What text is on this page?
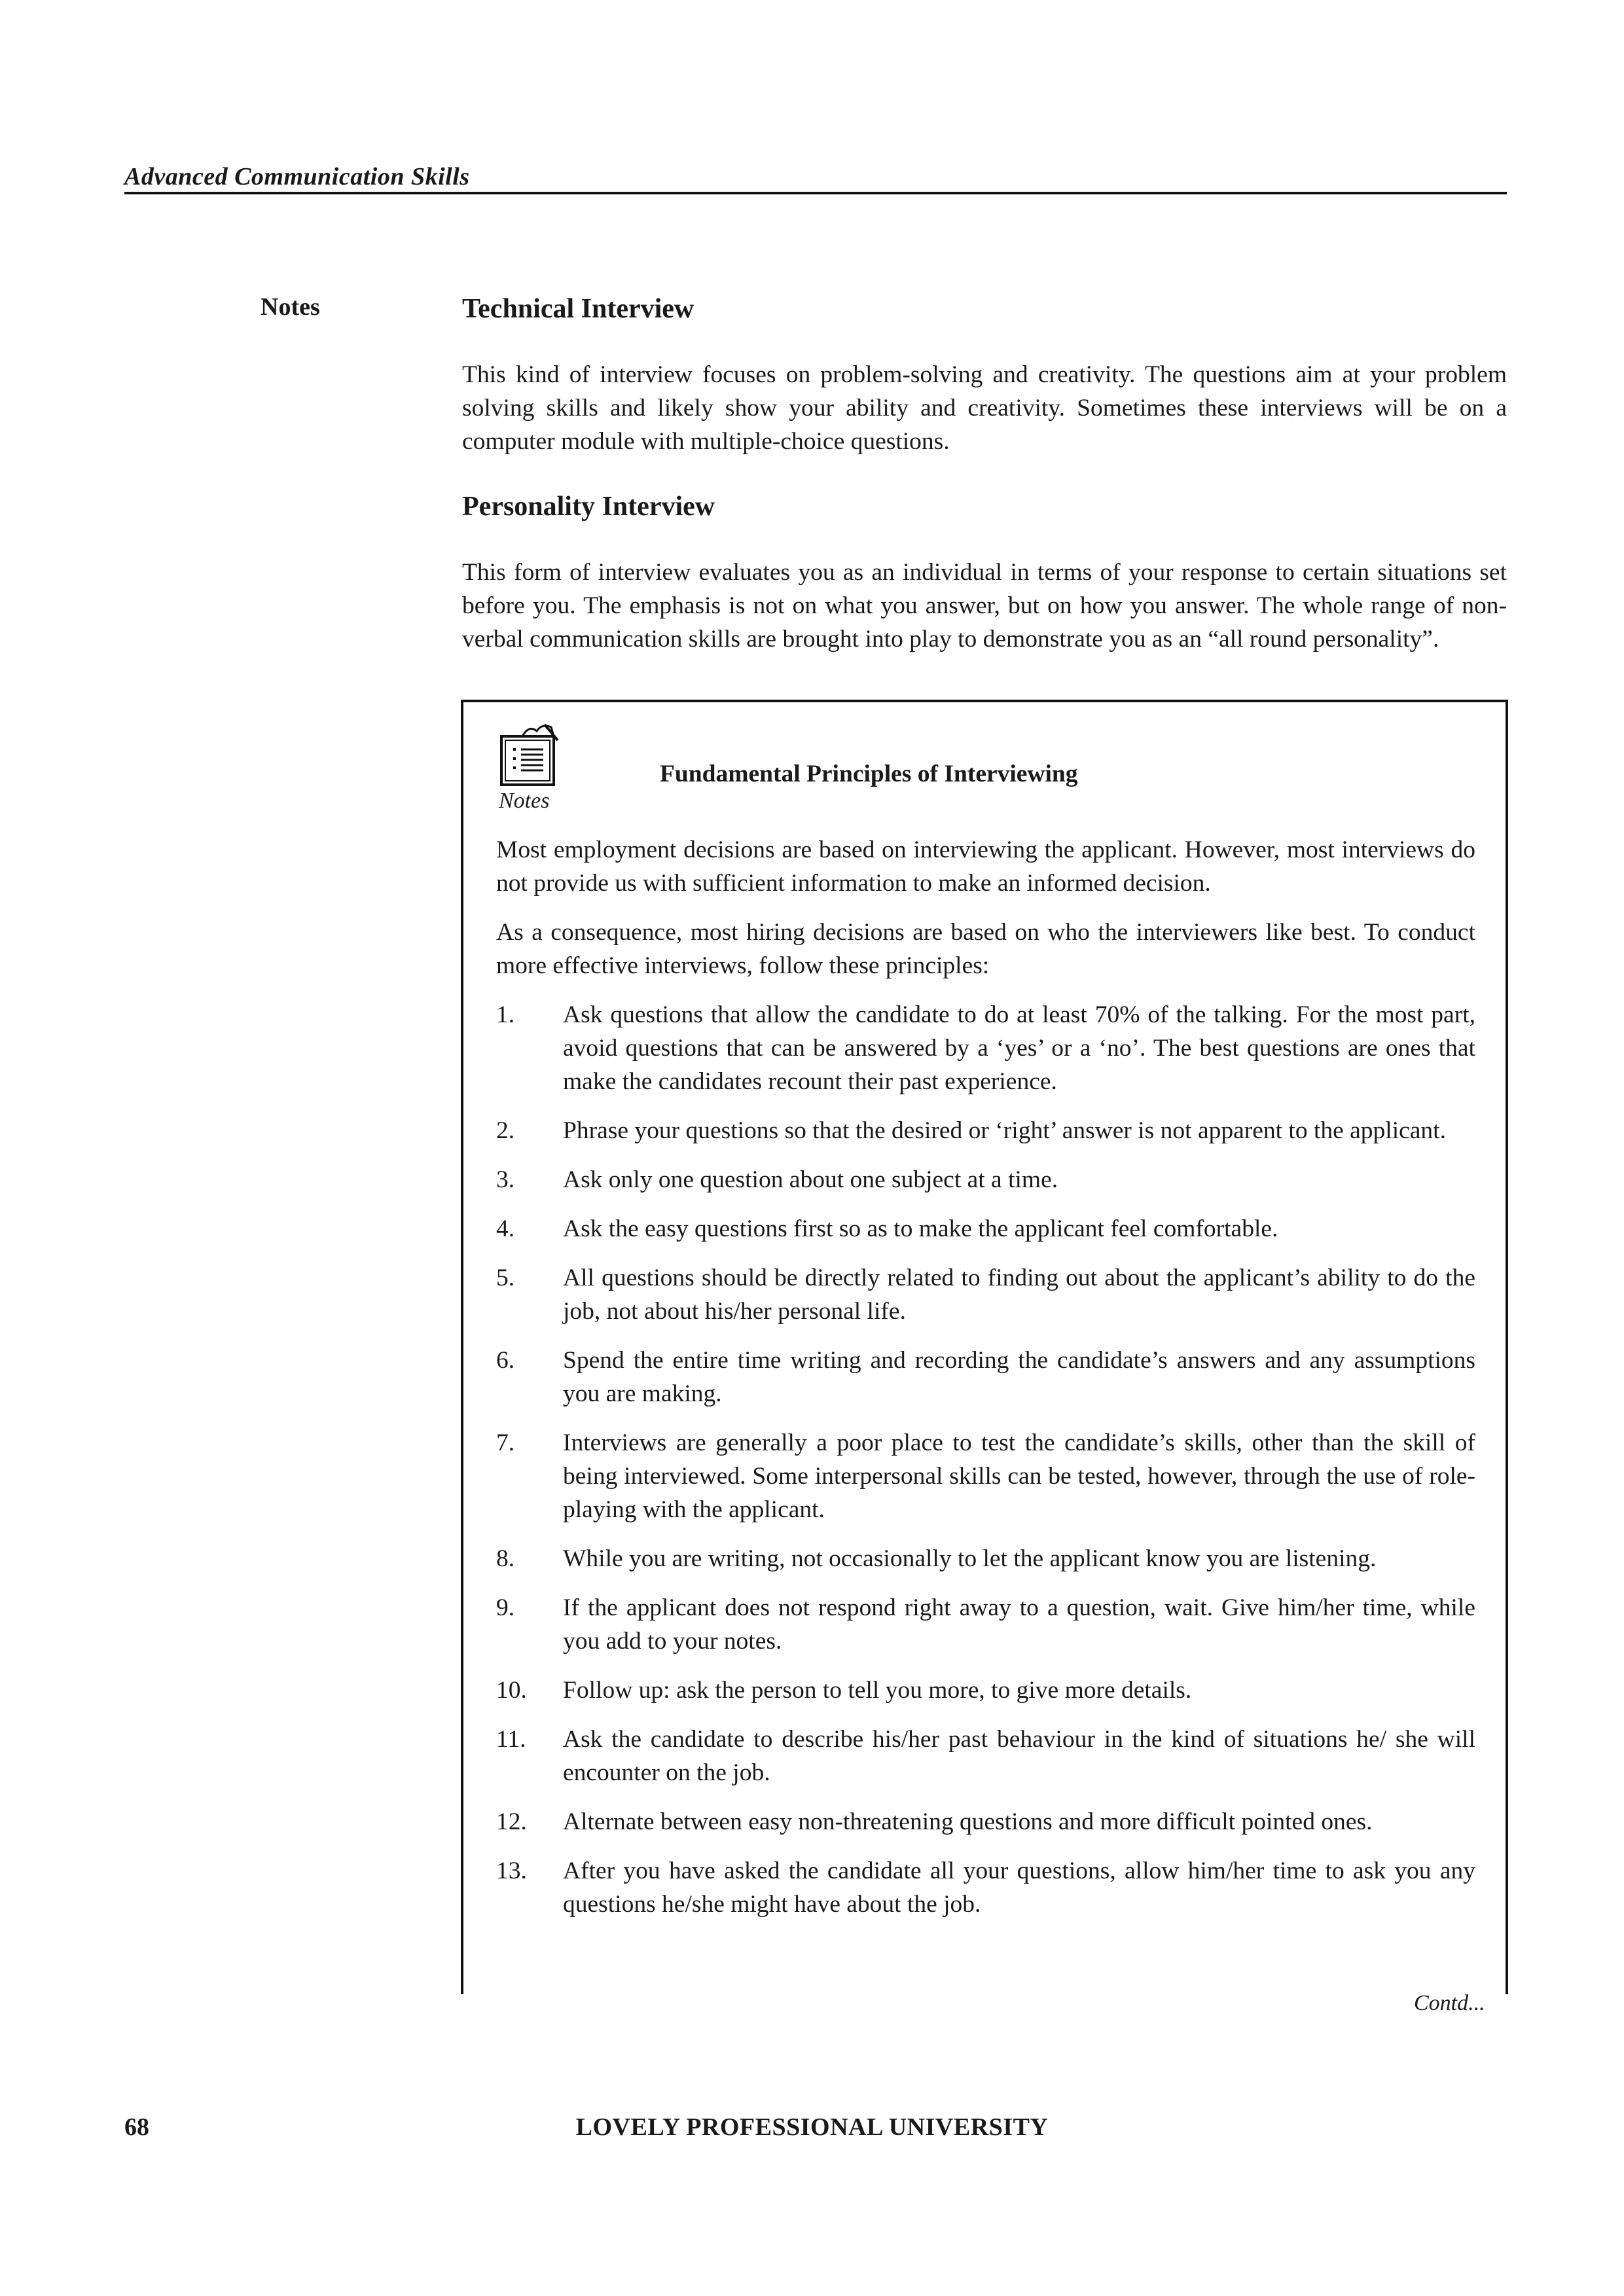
Advanced Communication Skills
Notes	Technical Interview

This kind of interview focuses on problem-solving and creativity. The questions aim at your problem solving skills and likely show your ability and creativity. Sometimes these interviews will be on a computer module with multiple-choice questions.

Personality Interview

This form of interview evaluates you as an individual in terms of your response to certain situations set before you. The emphasis is not on what you answer, but on how you answer. The whole range of non-verbal communication skills are brought into play to demonstrate you as an “all round personality”.

Notes
Fundamental Principles of Interviewing

Most employment decisions are based on interviewing the applicant. However, most interviews do not provide us with sufficient information to make an informed decision.

As a consequence, most hiring decisions are based on who the interviewers like best. To conduct more effective interviews, follow these principles:

1. Ask questions that allow the candidate to do at least 70% of the talking. For the most part, avoid questions that can be answered by a ‘yes’ or a ‘no’. The best questions are ones that make the candidates recount their past experience.
2. Phrase your questions so that the desired or ‘right’ answer is not apparent to the applicant.
3. Ask only one question about one subject at a time.
4. Ask the easy questions first so as to make the applicant feel comfortable.
5. All questions should be directly related to finding out about the applicant’s ability to do the job, not about his/her personal life.
6. Spend the entire time writing and recording the candidate’s answers and any assumptions you are making.
7. Interviews are generally a poor place to test the candidate’s skills, other than the skill of being interviewed. Some interpersonal skills can be tested, however, through the use of role-playing with the applicant.
8. While you are writing, not occasionally to let the applicant know you are listening.
9. If the applicant does not respond right away to a question, wait. Give him/her time, while you add to your notes.
10. Follow up: ask the person to tell you more, to give more details.
11. Ask the candidate to describe his/her past behaviour in the kind of situations he/ she will encounter on the job.
12. Alternate between easy non-threatening questions and more difficult pointed ones.
13. After you have asked the candidate all your questions, allow him/her time to ask you any questions he/she might have about the job.
Contd...
68	LOVELY PROFESSIONAL UNIVERSITY
